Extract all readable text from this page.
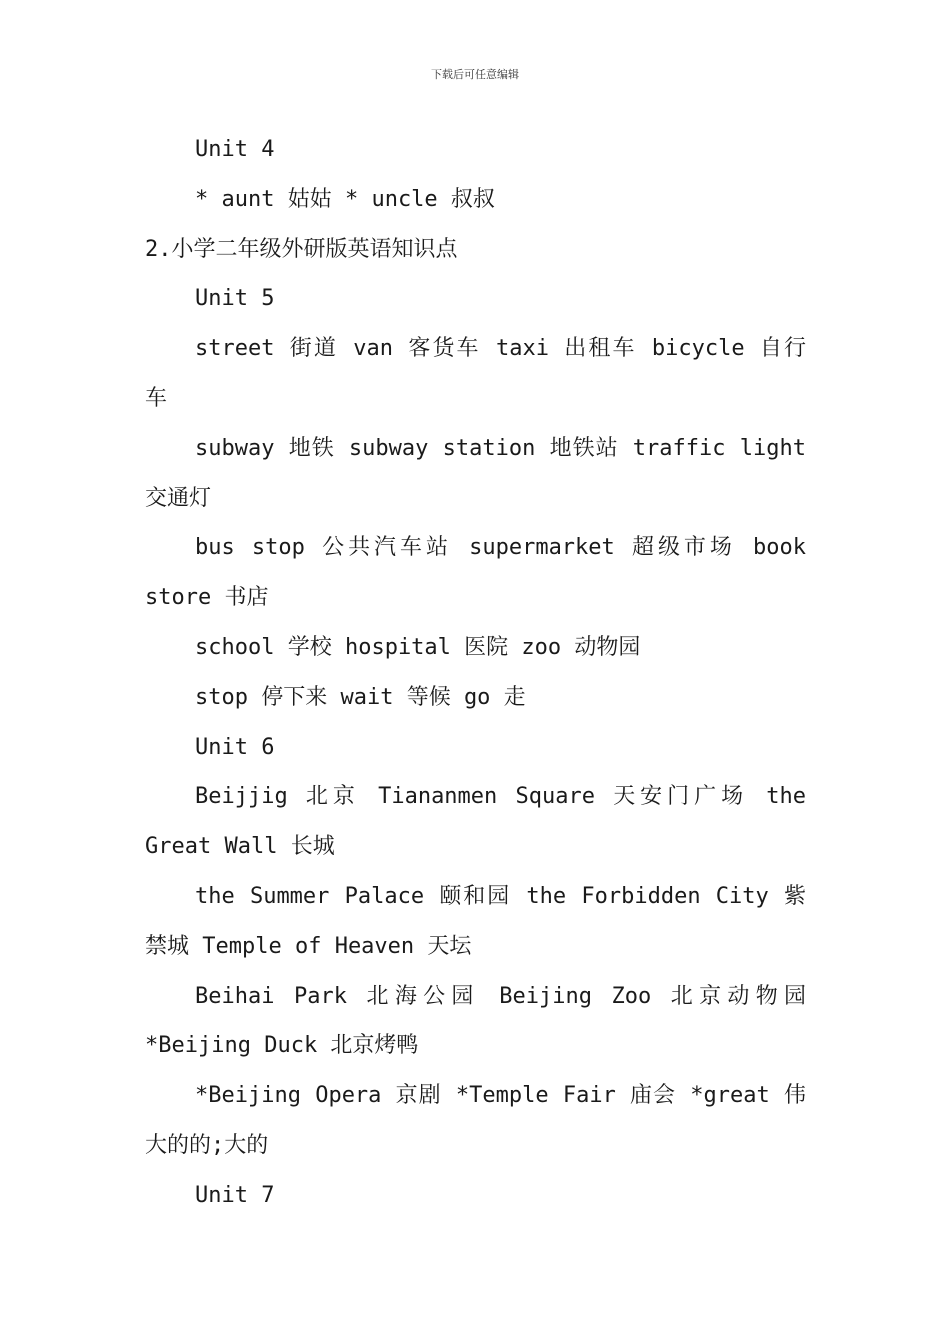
下载后可任意编辑
Unit 4
* aunt 姑姑 * uncle 叔叔
2.小学二年级外研版英语知识点
Unit 5
street 街道 van 客货车 taxi 出租车 bicycle 自行
车
subway 地铁 subway station 地铁站 traffic light
交通灯
bus stop 公共汽车站 supermarket 超级市场 book
store 书店
school 学校 hospital 医院 zoo 动物园
stop 停下来 wait 等候 go 走
Unit 6
Beijjig 北京 Tiananmen Square 天安门广场 the
Great Wall 长城
the Summer Palace 颐和园 the Forbidden City 紫
禁城 Temple of Heaven 天坛
Beihai Park 北海公园 Beijing Zoo 北京动物园
*Beijing Duck 北京烤鸭
*Beijing Opera 京剧 *Temple Fair 庙会 *great 伟
大的的;大的
Unit 7
